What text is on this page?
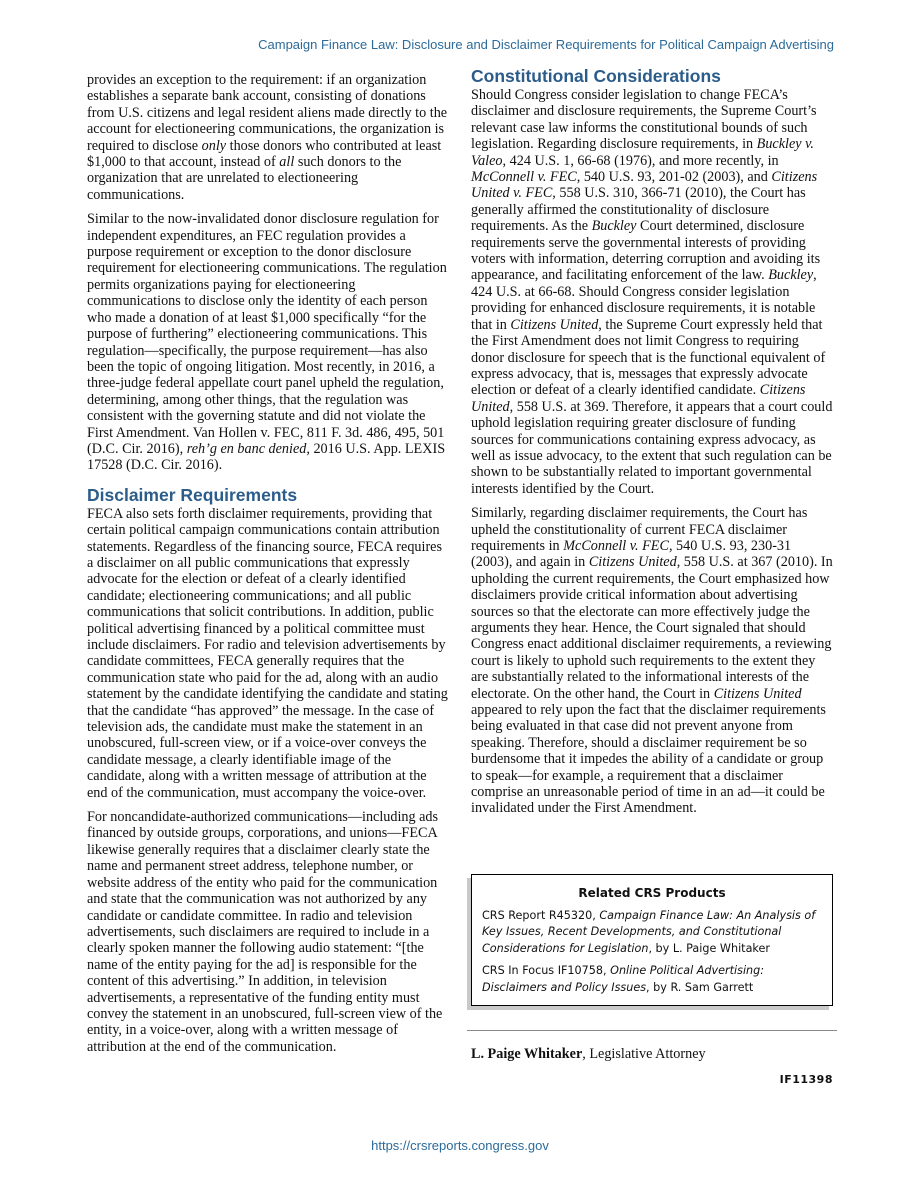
Campaign Finance Law: Disclosure and Disclaimer Requirements for Political Campaign Advertising

provides an exception to the requirement: if an organization establishes a separate bank account, consisting of donations from U.S. citizens and legal resident aliens made directly to the account for electioneering communications, the organization is required to disclose only those donors who contributed at least $1,000 to that account, instead of all such donors to the organization that are unrelated to electioneering communications.

Similar to the now-invalidated donor disclosure regulation for independent expenditures, an FEC regulation provides a purpose requirement or exception to the donor disclosure requirement for electioneering communications. The regulation permits organizations paying for electioneering communications to disclose only the identity of each person who made a donation of at least $1,000 specifically “for the purpose of furthering” electioneering communications. This regulation—specifically, the purpose requirement—has also been the topic of ongoing litigation. Most recently, in 2016, a three-judge federal appellate court panel upheld the regulation, determining, among other things, that the regulation was consistent with the governing statute and did not violate the First Amendment. Van Hollen v. FEC, 811 F. 3d. 486, 495, 501 (D.C. Cir. 2016), reh’g en banc denied, 2016 U.S. App. LEXIS 17528 (D.C. Cir. 2016).

Disclaimer Requirements

FECA also sets forth disclaimer requirements, providing that certain political campaign communications contain attribution statements. Regardless of the financing source, FECA requires a disclaimer on all public communications that expressly advocate for the election or defeat of a clearly identified candidate; electioneering communications; and all public communications that solicit contributions. In addition, public political advertising financed by a political committee must include disclaimers. For radio and television advertisements by candidate committees, FECA generally requires that the communication state who paid for the ad, along with an audio statement by the candidate identifying the candidate and stating that the candidate “has approved” the message. In the case of television ads, the candidate must make the statement in an unobscured, full-screen view, or if a voice-over conveys the candidate message, a clearly identifiable image of the candidate, along with a written message of attribution at the end of the communication, must accompany the voice-over.

For noncandidate-authorized communications—including ads financed by outside groups, corporations, and unions—FECA likewise generally requires that a disclaimer clearly state the name and permanent street address, telephone number, or website address of the entity who paid for the communication and state that the communication was not authorized by any candidate or candidate committee. In radio and television advertisements, such disclaimers are required to include in a clearly spoken manner the following audio statement: “[the name of the entity paying for the ad] is responsible for the content of this advertising.” In addition, in television advertisements, a representative of the funding entity must convey the statement in an unobscured, full-screen view of the entity, in a voice-over, along with a written message of attribution at the end of the communication.

Constitutional Considerations

Should Congress consider legislation to change FECA’s disclaimer and disclosure requirements, the Supreme Court’s relevant case law informs the constitutional bounds of such legislation. Regarding disclosure requirements, in Buckley v. Valeo, 424 U.S. 1, 66-68 (1976), and more recently, in McConnell v. FEC, 540 U.S. 93, 201-02 (2003), and Citizens United v. FEC, 558 U.S. 310, 366-71 (2010), the Court has generally affirmed the constitutionality of disclosure requirements. As the Buckley Court determined, disclosure requirements serve the governmental interests of providing voters with information, deterring corruption and avoiding its appearance, and facilitating enforcement of the law. Buckley, 424 U.S. at 66-68. Should Congress consider legislation providing for enhanced disclosure requirements, it is notable that in Citizens United, the Supreme Court expressly held that the First Amendment does not limit Congress to requiring donor disclosure for speech that is the functional equivalent of express advocacy, that is, messages that expressly advocate election or defeat of a clearly identified candidate. Citizens United, 558 U.S. at 369. Therefore, it appears that a court could uphold legislation requiring greater disclosure of funding sources for communications containing express advocacy, as well as issue advocacy, to the extent that such regulation can be shown to be substantially related to important governmental interests identified by the Court.

Similarly, regarding disclaimer requirements, the Court has upheld the constitutionality of current FECA disclaimer requirements in McConnell v. FEC, 540 U.S. 93, 230-31 (2003), and again in Citizens United, 558 U.S. at 367 (2010). In upholding the current requirements, the Court emphasized how disclaimers provide critical information about advertising sources so that the electorate can more effectively judge the arguments they hear. Hence, the Court signaled that should Congress enact additional disclaimer requirements, a reviewing court is likely to uphold such requirements to the extent they are substantially related to the informational interests of the electorate. On the other hand, the Court in Citizens United appeared to rely upon the fact that the disclaimer requirements being evaluated in that case did not prevent anyone from speaking. Therefore, should a disclaimer requirement be so burdensome that it impedes the ability of a candidate or group to speak—for example, a requirement that a disclaimer comprise an unreasonable period of time in an ad—it could be invalidated under the First Amendment.

Related CRS Products

CRS Report R45320, Campaign Finance Law: An Analysis of Key Issues, Recent Developments, and Constitutional Considerations for Legislation, by L. Paige Whitaker

CRS In Focus IF10758, Online Political Advertising: Disclaimers and Policy Issues, by R. Sam Garrett

L. Paige Whitaker, Legislative Attorney
IF11398
https://crsreports.congress.gov
